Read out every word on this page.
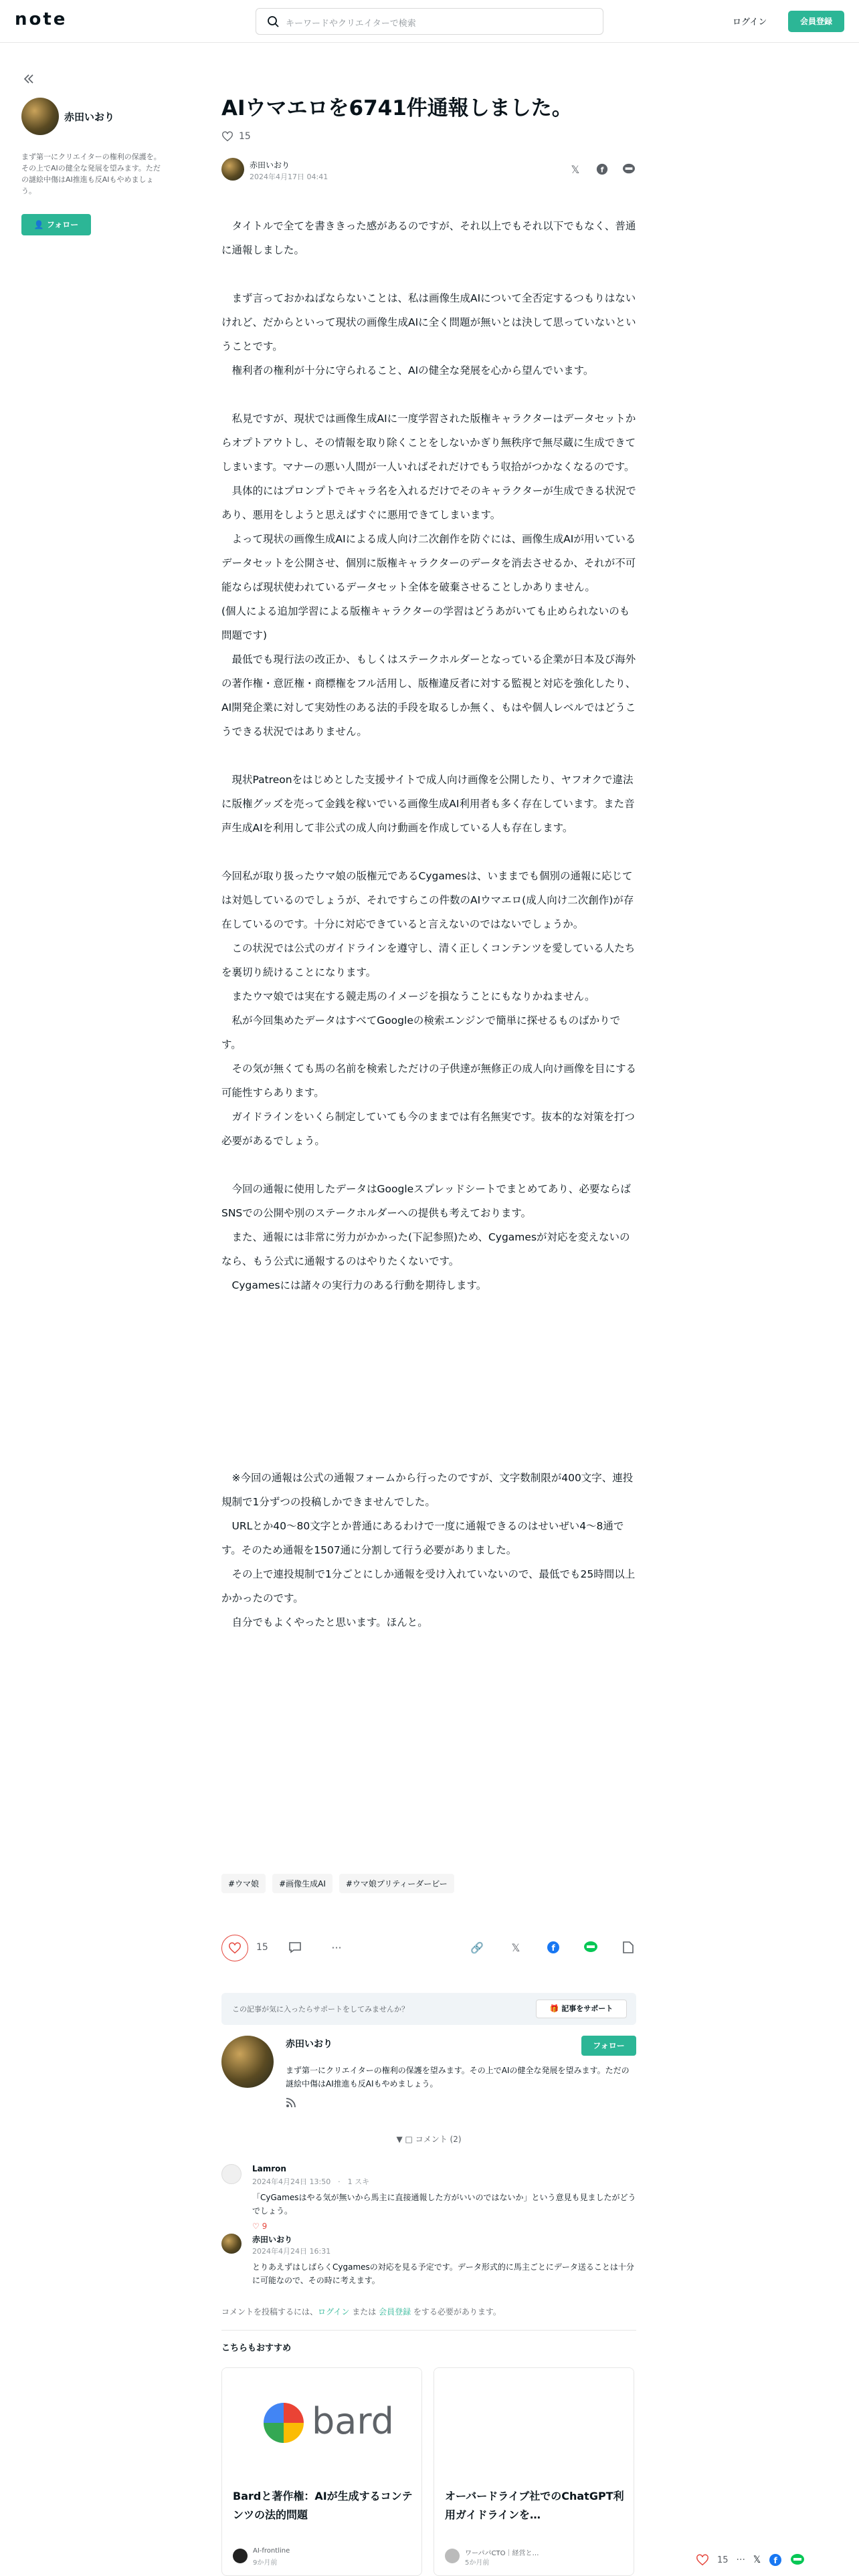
note	キーワードやクリエイターで検索	ログイン	会員登録
赤田いおり
まず第一にクリエイターの権利の保護を。その上でAIの健全な発展を望みます。ただの謎絵中傷はAI推進も反AIもやめましょう。
👤 フォロー
AIウマエロを6741件通報しました。
15
赤田いおり
2024年4月17日 04:41
𝕏	f

　タイトルで全てを書ききった感があるのですが、それ以上でもそれ以下でもなく、普通に通報しました。

　まず言っておかねばならないことは、私は画像生成AIについて全否定するつもりはないけれど、だからといって現状の画像生成AIに全く問題が無いとは決して思っていないということです。

　権利者の権利が十分に守られること、AIの健全な発展を心から望んでいます。

　私見ですが、現状では画像生成AIに一度学習された版権キャラクターはデータセットからオプトアウトし、その情報を取り除くことをしないかぎり無秩序で無尽蔵に生成できてしまいます。マナーの悪い人間が一人いればそれだけでもう収拾がつかなくなるのです。

　具体的にはプロンプトでキャラ名を入れるだけでそのキャラクターが生成できる状況であり、悪用をしようと思えばすぐに悪用できてしまいます。

　よって現状の画像生成AIによる成人向け二次創作を防ぐには、画像生成AIが用いているデータセットを公開させ、個別に版権キャラクターのデータを消去させるか、それが不可能ならば現状使われているデータセット全体を破棄させることしかありません。

(個人による追加学習による版権キャラクターの学習はどうあがいても止められないのも問題です)

　最低でも現行法の改正か、もしくはステークホルダーとなっている企業が日本及び海外の著作権・意匠権・商標権をフル活用し、版権違反者に対する監視と対応を強化したり、AI開発企業に対して実効性のある法的手段を取るしか無く、もはや個人レベルではどうこうできる状況ではありません。

　現状Patreonをはじめとした支援サイトで成人向け画像を公開したり、ヤフオクで違法に版権グッズを売って金銭を稼いでいる画像生成AI利用者も多く存在しています。また音声生成AIを利用して非公式の成人向け動画を作成している人も存在します。

今回私が取り扱ったウマ娘の版権元であるCygamesは、いままでも個別の通報に応じては対処しているのでしょうが、それですらこの件数のAIウマエロ(成人向け二次創作)が存在しているのです。十分に対応できていると言えないのではないでしょうか。

　この状況では公式のガイドラインを遵守し、清く正しくコンテンツを愛している人たちを裏切り続けることになります。

　またウマ娘では実在する競走馬のイメージを損なうことにもなりかねません。

　私が今回集めたデータはすべてGoogleの検索エンジンで簡単に探せるものばかりです。

　その気が無くても馬の名前を検索しただけの子供達が無修正の成人向け画像を目にする可能性すらあります。

　ガイドラインをいくら制定していても今のままでは有名無実です。抜本的な対策を打つ必要があるでしょう。

　今回の通報に使用したデータはGoogleスプレッドシートでまとめてあり、必要ならばSNSでの公開や別のステークホルダーへの提供も考えております。

　また、通報には非常に労力がかかった(下記参照)ため、Cygamesが対応を変えないのなら、もう公式に通報するのはやりたくないです。

　Cygamesには諸々の実行力のある行動を期待します。

　※今回の通報は公式の通報フォームから行ったのですが、文字数制限が400文字、連投規制で1分ずつの投稿しかできませんでした。

　URLとか40〜80文字とか普通にあるわけで一度に通報できるのはせいぜい4〜8通です。そのため通報を1507通に分割して行う必要がありました。

　その上で連投規制で1分ごとにしか通報を受け入れていないので、最低でも25時間以上かかったのです。

　自分でもよくやったと思います。ほんと。

#ウマ娘	#画像生成AI	#ウマ娘プリティーダービー
15	···	🔗	𝕏	f
この記事が気に入ったらサポートをしてみませんか？	🎁 記事をサポート
赤田いおり	フォロー
まず第一にクリエイターの権利の保護を望みます。その上でAIの健全な発展を望みます。ただの謎絵中傷はAI推進も反AIもやめましょう。
▼ □ コメント (2)
Lamron
2024年4月24日 13:50　·　1 スキ
「CyGamesはやる気が無いから馬主に直接通報した方がいいのではないか」という意見も見ましたがどうでしょう。
♡ 9
赤田いおり
2024年4月24日 16:31
とりあえずはしばらくCygamesの対応を見る予定です。データ形式的に馬主ごとにデータ送ることは十分に可能なので、その時に考えます。
コメントを投稿するには、ログイン または 会員登録 をする必要があります。
こちらもおすすめ
bard
Bardと著作権：AIが生成するコンテンツの法的問題
AI-frontline
9か月前
オーバードライブ社でのChatGPT利用ガイドラインを…
ワーパパCTO｜経営と…
5か月前	15 ··· 𝕏 f
